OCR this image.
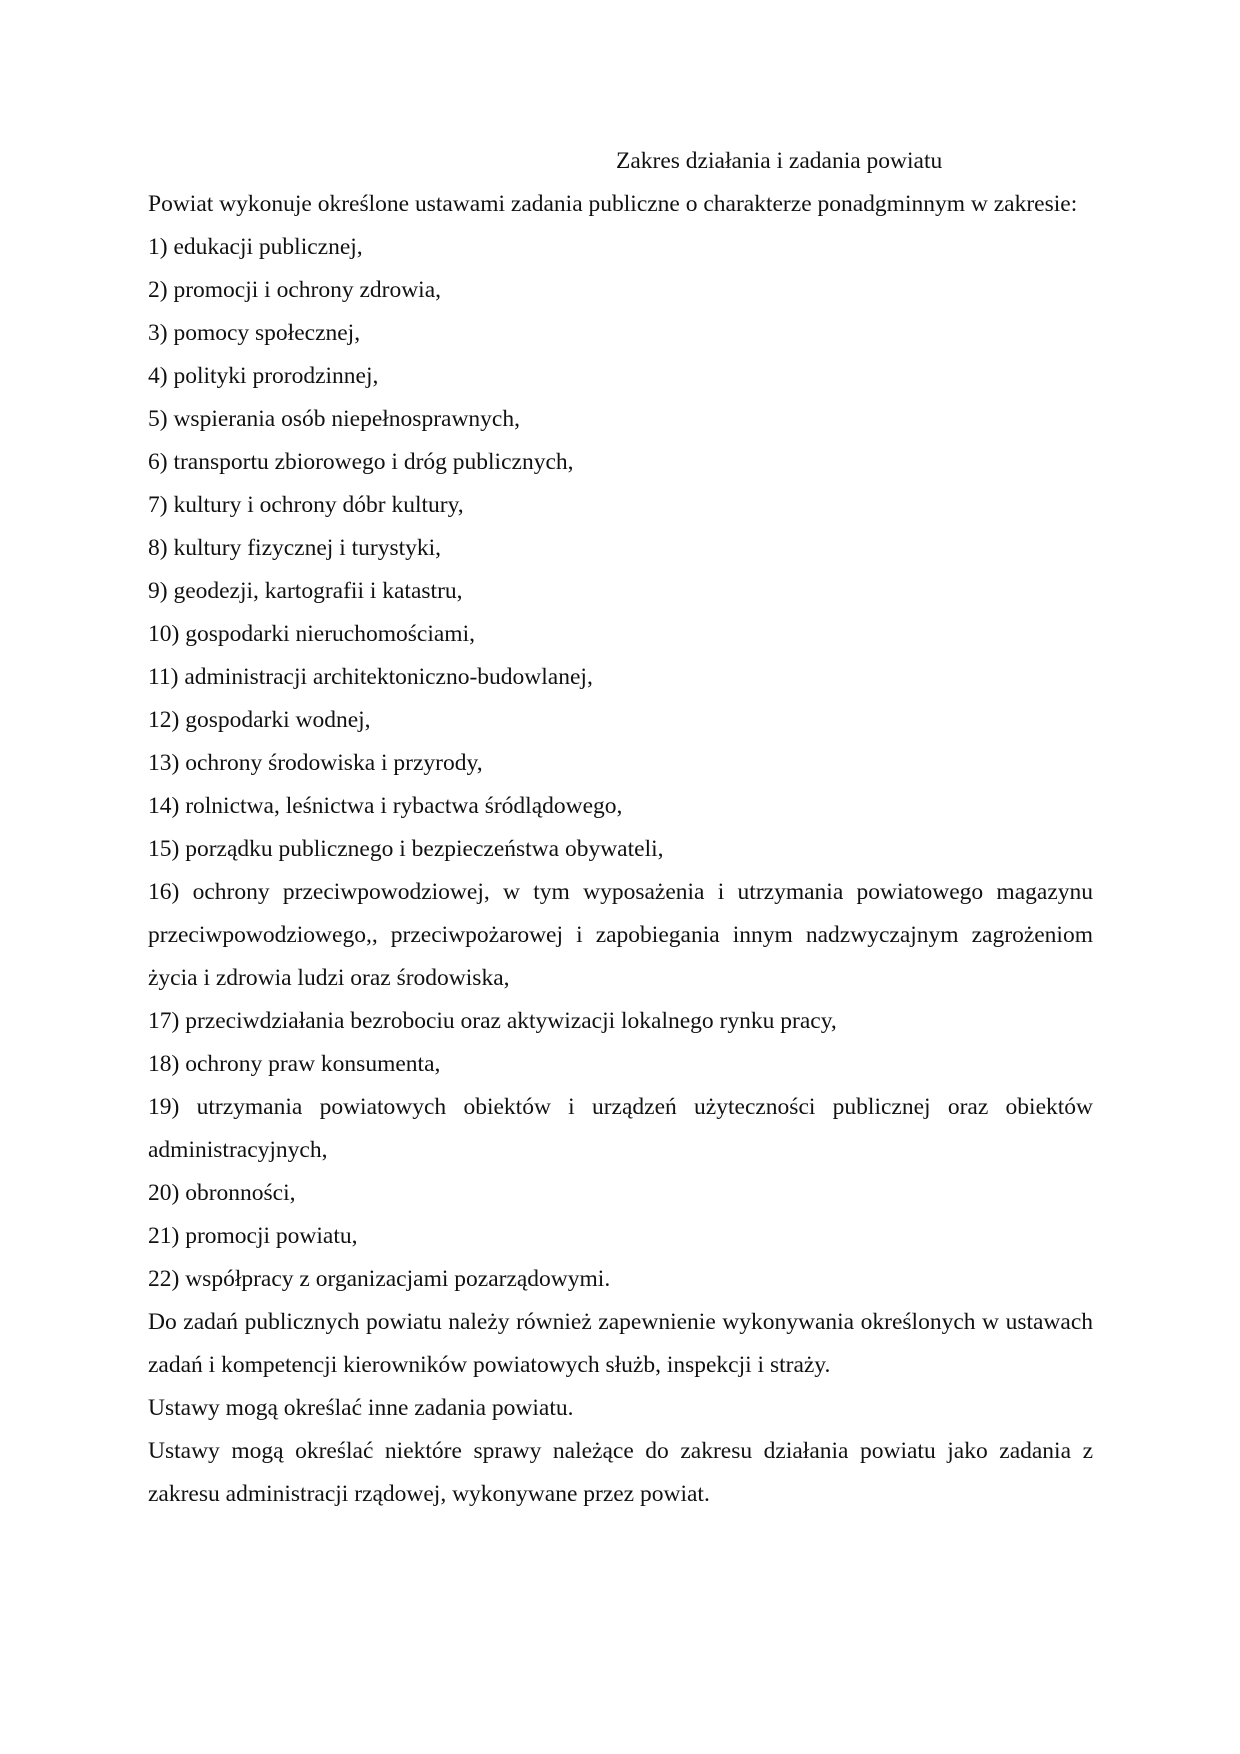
Zakres działania i zadania powiatu

Powiat wykonuje określone ustawami zadania publiczne o charakterze ponadgminnym w zakresie:

1) edukacji publicznej,

2) promocji i ochrony zdrowia,

3) pomocy społecznej,

4) polityki prorodzinnej,

5) wspierania osób niepełnosprawnych,

6) transportu zbiorowego i dróg publicznych,

7) kultury i ochrony dóbr kultury,

8) kultury fizycznej i turystyki,

9) geodezji, kartografii i katastru,

10) gospodarki nieruchomościami,

11) administracji architektoniczno-budowlanej,

12) gospodarki wodnej,

13) ochrony środowiska i przyrody,

14) rolnictwa, leśnictwa i rybactwa śródlądowego,

15) porządku publicznego i bezpieczeństwa obywateli,

16) ochrony przeciwpowodziowej, w tym wyposażenia i utrzymania powiatowego magazynu przeciwpowodziowego,, przeciwpożarowej i zapobiegania innym nadzwyczajnym zagrożeniom życia i zdrowia ludzi oraz środowiska,

17) przeciwdziałania bezrobociu oraz aktywizacji lokalnego rynku pracy,

18) ochrony praw konsumenta,

19) utrzymania powiatowych obiektów i urządzeń użyteczności publicznej oraz obiektów administracyjnych,

20) obronności,

21) promocji powiatu,

22) współpracy z organizacjami pozarządowymi.

Do zadań publicznych powiatu należy również zapewnienie wykonywania określonych w ustawach zadań i kompetencji kierowników powiatowych służb, inspekcji i straży.

Ustawy mogą określać inne zadania powiatu.

Ustawy mogą określać niektóre sprawy należące do zakresu działania powiatu jako zadania z zakresu administracji rządowej, wykonywane przez powiat.
